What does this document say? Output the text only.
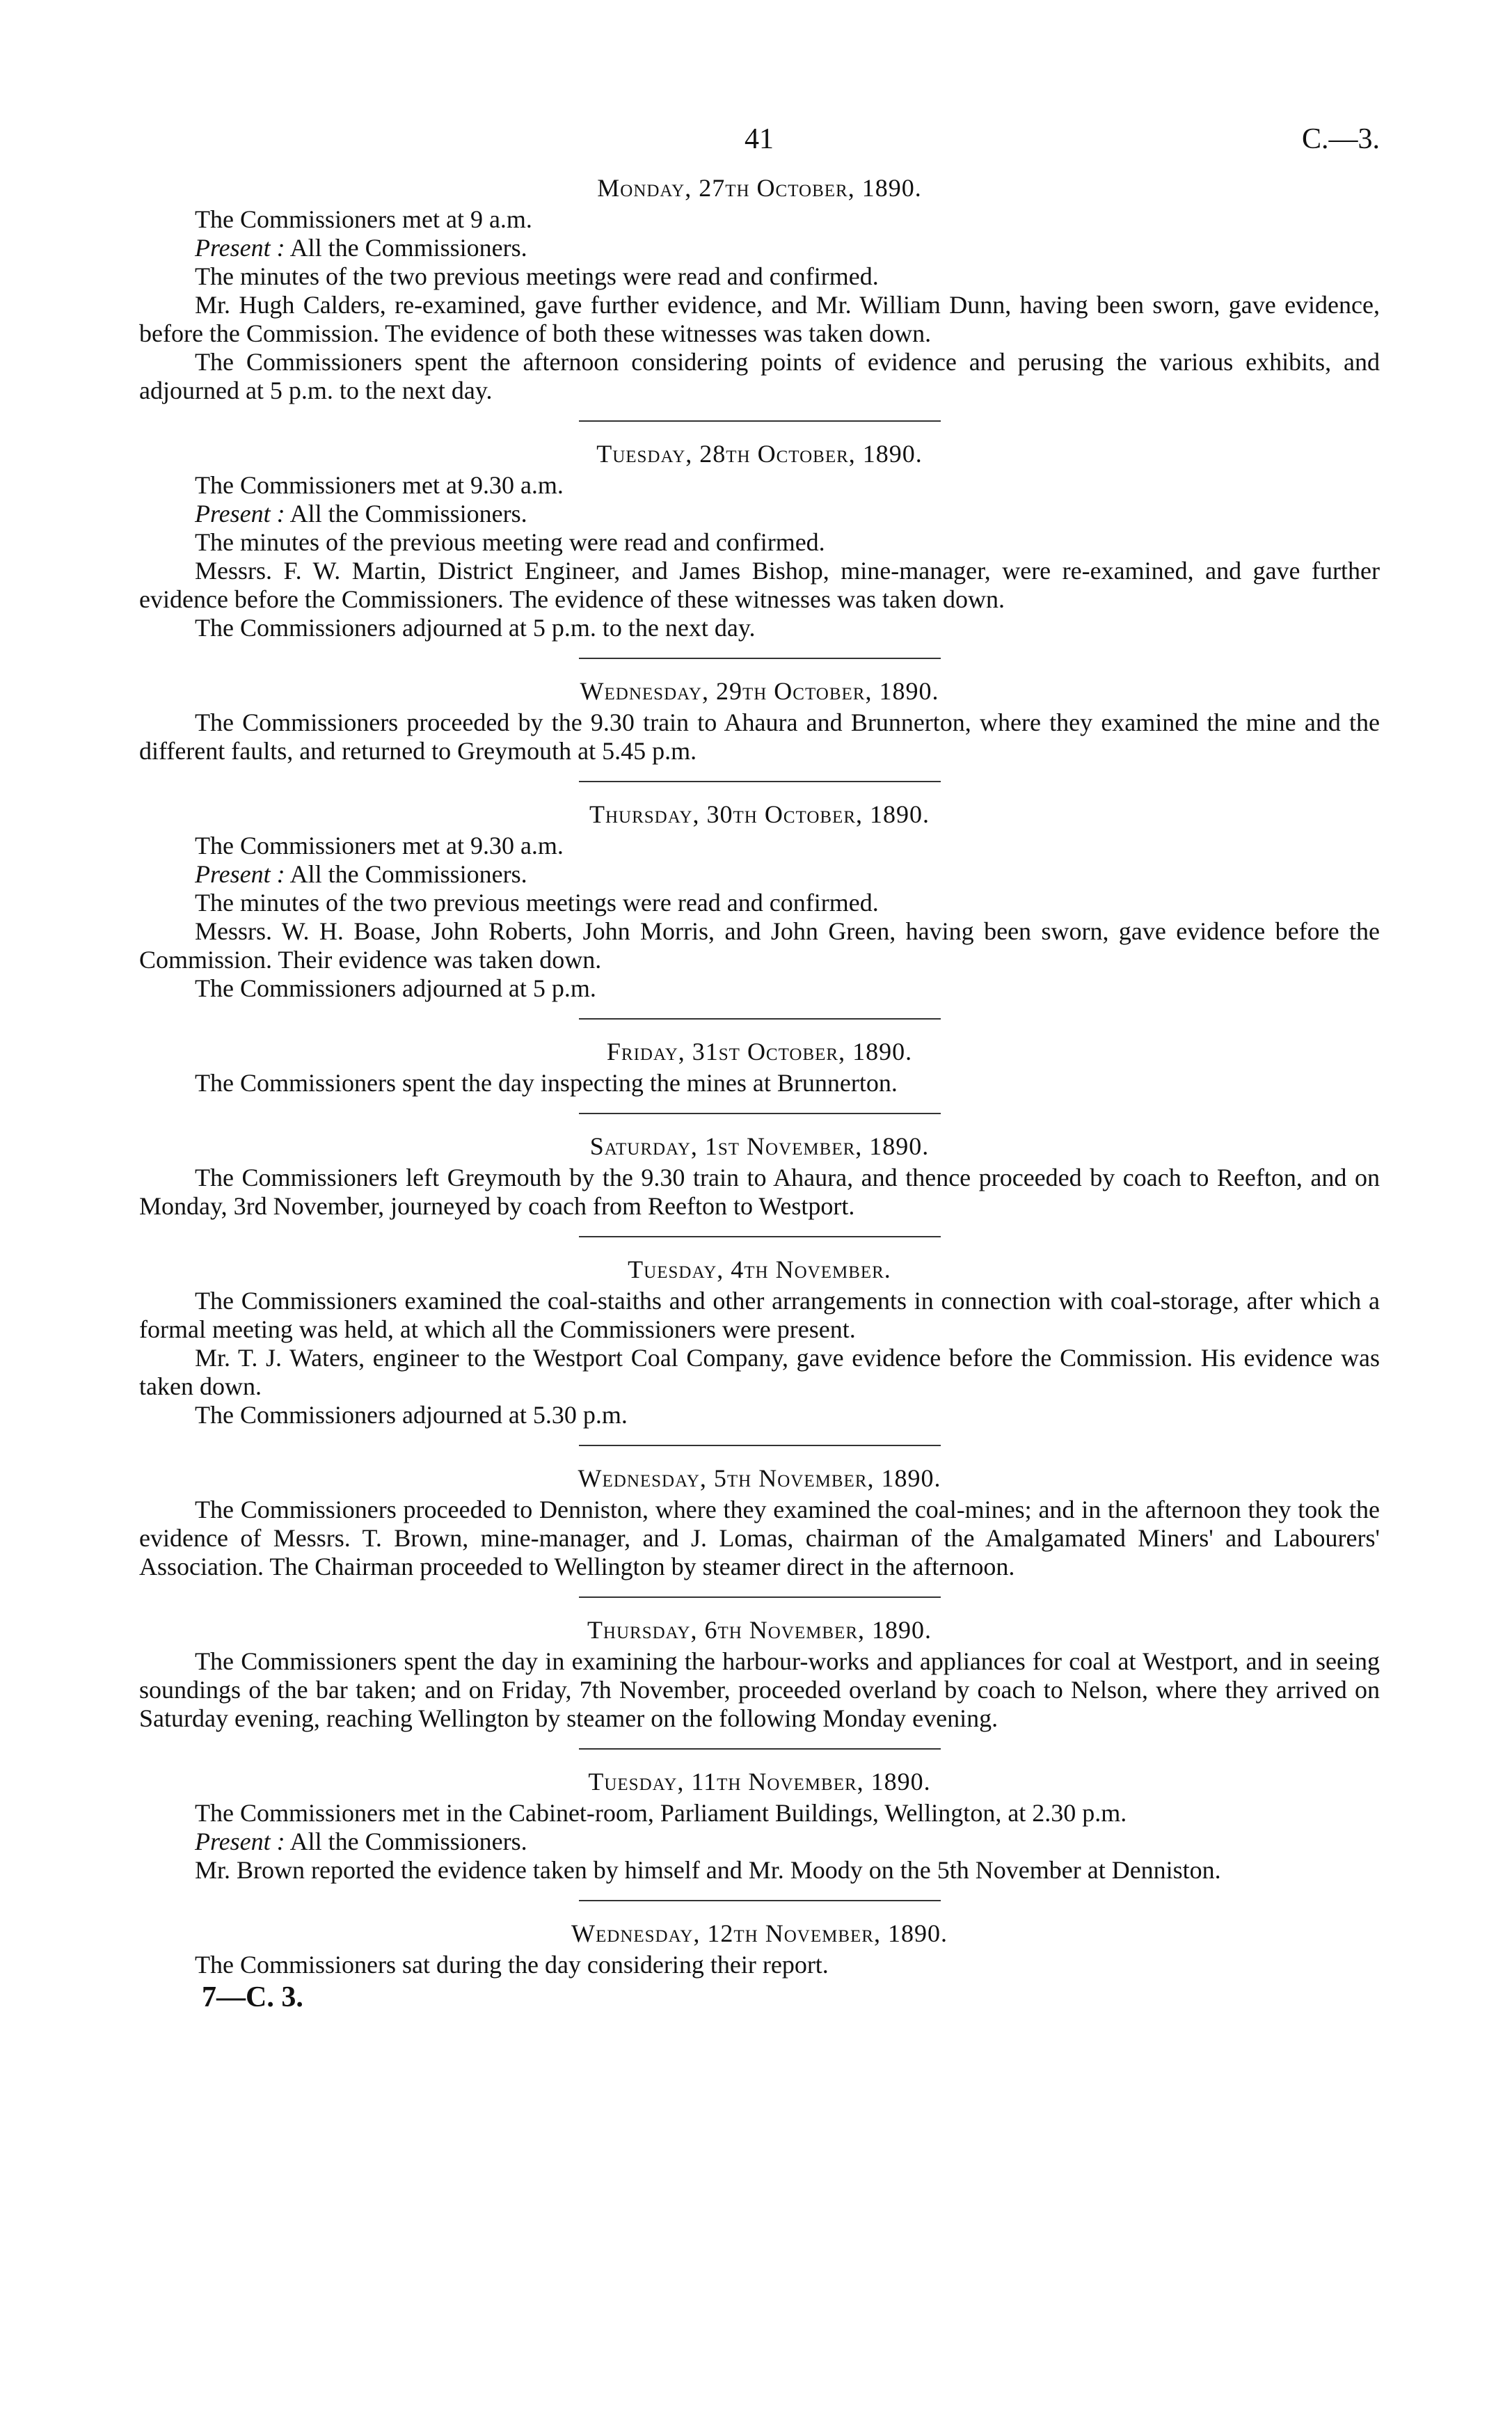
41	C.—3.
Monday, 27th October, 1890.

The Commissioners met at 9 a.m.

Present : All the Commissioners.

The minutes of the two previous meetings were read and confirmed.

Mr. Hugh Calders, re-examined, gave further evidence, and Mr. William Dunn, having been sworn, gave evidence, before the Commission. The evidence of both these witnesses was taken down.

The Commissioners spent the afternoon considering points of evidence and perusing the various exhibits, and adjourned at 5 p.m. to the next day.

Tuesday, 28th October, 1890.

The Commissioners met at 9.30 a.m.

Present : All the Commissioners.

The minutes of the previous meeting were read and confirmed.

Messrs. F. W. Martin, District Engineer, and James Bishop, mine-manager, were re-examined, and gave further evidence before the Commissioners. The evidence of these witnesses was taken down.

The Commissioners adjourned at 5 p.m. to the next day.

Wednesday, 29th October, 1890.

The Commissioners proceeded by the 9.30 train to Ahaura and Brunnerton, where they examined the mine and the different faults, and returned to Greymouth at 5.45 p.m.

Thursday, 30th October, 1890.

The Commissioners met at 9.30 a.m.

Present : All the Commissioners.

The minutes of the two previous meetings were read and confirmed.

Messrs. W. H. Boase, John Roberts, John Morris, and John Green, having been sworn, gave evidence before the Commission. Their evidence was taken down.

The Commissioners adjourned at 5 p.m.

Friday, 31st October, 1890.

The Commissioners spent the day inspecting the mines at Brunnerton.

Saturday, 1st November, 1890.

The Commissioners left Greymouth by the 9.30 train to Ahaura, and thence proceeded by coach to Reefton, and on Monday, 3rd November, journeyed by coach from Reefton to Westport.

Tuesday, 4th November.

The Commissioners examined the coal-staiths and other arrangements in connection with coal-storage, after which a formal meeting was held, at which all the Commissioners were present.

Mr. T. J. Waters, engineer to the Westport Coal Company, gave evidence before the Commission. His evidence was taken down.

The Commissioners adjourned at 5.30 p.m.

Wednesday, 5th November, 1890.

The Commissioners proceeded to Denniston, where they examined the coal-mines; and in the afternoon they took the evidence of Messrs. T. Brown, mine-manager, and J. Lomas, chairman of the Amalgamated Miners' and Labourers' Association. The Chairman proceeded to Wellington by steamer direct in the afternoon.

Thursday, 6th November, 1890.

The Commissioners spent the day in examining the harbour-works and appliances for coal at Westport, and in seeing soundings of the bar taken; and on Friday, 7th November, proceeded overland by coach to Nelson, where they arrived on Saturday evening, reaching Wellington by steamer on the following Monday evening.

Tuesday, 11th November, 1890.

The Commissioners met in the Cabinet-room, Parliament Buildings, Wellington, at 2.30 p.m.

Present : All the Commissioners.

Mr. Brown reported the evidence taken by himself and Mr. Moody on the 5th November at Denniston.

Wednesday, 12th November, 1890.

The Commissioners sat during the day considering their report.

7—C. 3.
